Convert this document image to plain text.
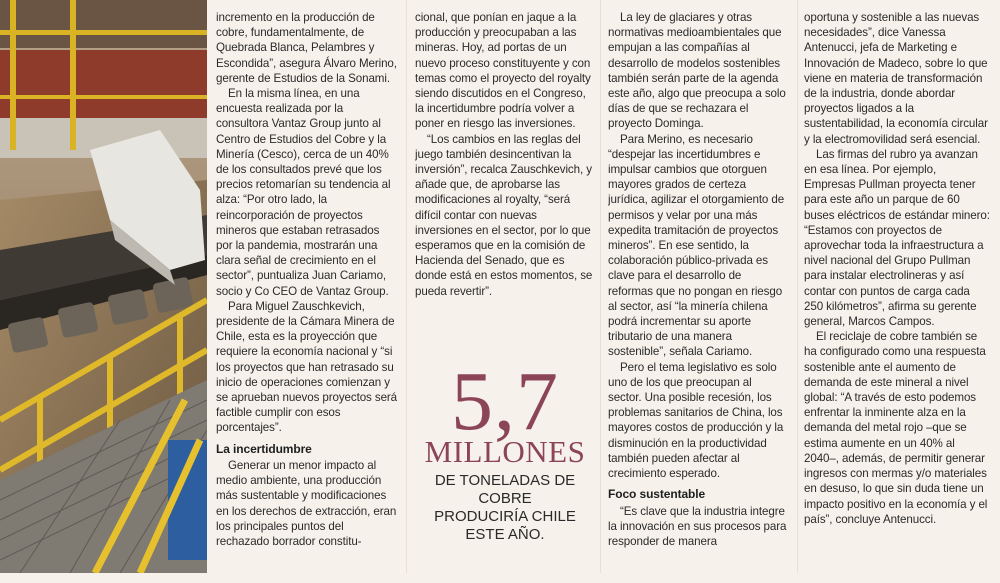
incremento en la producción de cobre, fundamentalmente, de Quebrada Blanca, Pelambres y Escondida”, asegura Álvaro Merino, gerente de Estudios de la Sonami.

En la misma línea, en una encuesta realizada por la consultora Vantaz Group junto al Centro de Estudios del Cobre y la Minería (Cesco), cerca de un 40% de los consultados prevé que los precios retomarían su tendencia al alza: “Por otro lado, la reincorporación de proyectos mineros que estaban retrasados por la pandemia, mostrarán una clara señal de crecimiento en el sector”, puntualiza Juan Cariamo, socio y Co CEO de Vantaz Group.

Para Miguel Zauschkevich, presidente de la Cámara Minera de Chile, esta es la proyección que requiere la economía nacional y “si los proyectos que han retrasado su inicio de operaciones comienzan y se aprueban nuevos proyectos será factible cumplir con esos porcentajes”.

La incertidumbre

Generar un menor impacto al medio ambiente, una producción más sustentable y modificaciones en los derechos de extracción, eran los principales puntos del rechazado borrador constitu-

cional, que ponían en jaque a la producción y preocupaban a las mineras. Hoy, ad portas de un nuevo proceso constituyente y con temas como el proyecto del royalty siendo discutidos en el Congreso, la incertidumbre podría volver a poner en riesgo las inversiones.

“Los cambios en las reglas del juego también desincentivan la inversión”, recalca Zauschkevich, y añade que, de aprobarse las modificaciones al royalty, “será difícil contar con nuevas inversiones en el sector, por lo que esperamos que en la comisión de Hacienda del Senado, que es donde está en estos momentos, se pueda revertir”.

La ley de glaciares y otras normativas medioambientales que empujan a las compañías al desarrollo de modelos sostenibles también serán parte de la agenda este año, algo que preocupa a solo días de que se rechazara el proyecto Dominga.

Para Merino, es necesario “despejar las incertidumbres e impulsar cambios que otorguen mayores grados de certeza jurídica, agilizar el otorgamiento de permisos y velar por una más expedita tramitación de proyectos mineros”. En ese sentido, la colaboración público-privada es clave para el desarrollo de reformas que no pongan en riesgo al sector, así “la minería chilena podrá incrementar su aporte tributario de una manera sostenible”, señala Cariamo.

Pero el tema legislativo es solo uno de los que preocupan al sector. Una posible recesión, los problemas sanitarios de China, los mayores costos de producción y la disminución en la productividad también pueden afectar al crecimiento esperado.

Foco sustentable

“Es clave que la industria integre la innovación en sus procesos para responder de manera

oportuna y sostenible a las nuevas necesidades”, dice Vanessa Antenucci, jefa de Marketing e Innovación de Madeco, sobre lo que viene en materia de transformación de la industria, donde abordar proyectos ligados a la sustentabilidad, la economía circular y la electromovilidad será esencial.

Las firmas del rubro ya avanzan en esa línea. Por ejemplo, Empresas Pullman proyecta tener para este año un parque de 60 buses eléctricos de estándar minero: “Estamos con proyectos de aprovechar toda la infraestructura a nivel nacional del Grupo Pullman para instalar electrolineras y así contar con puntos de carga cada 250 kilómetros”, afirma su gerente general, Marcos Campos.

El reciclaje de cobre también se ha configurado como una respuesta sostenible ante el aumento de demanda de este mineral a nivel global: “A través de esto podemos enfrentar la inminente alza en la demanda del metal rojo –que se estima aumente en un 40% al 2040–, además, de permitir generar ingresos con mermas y/o materiales en desuso, lo que sin duda tiene un impacto positivo en la economía y el país”, concluye Antenucci.

5,7
MILLONES
DE TONELADAS DE
COBRE
PRODUCIRÍA CHILE
ESTE AÑO.
